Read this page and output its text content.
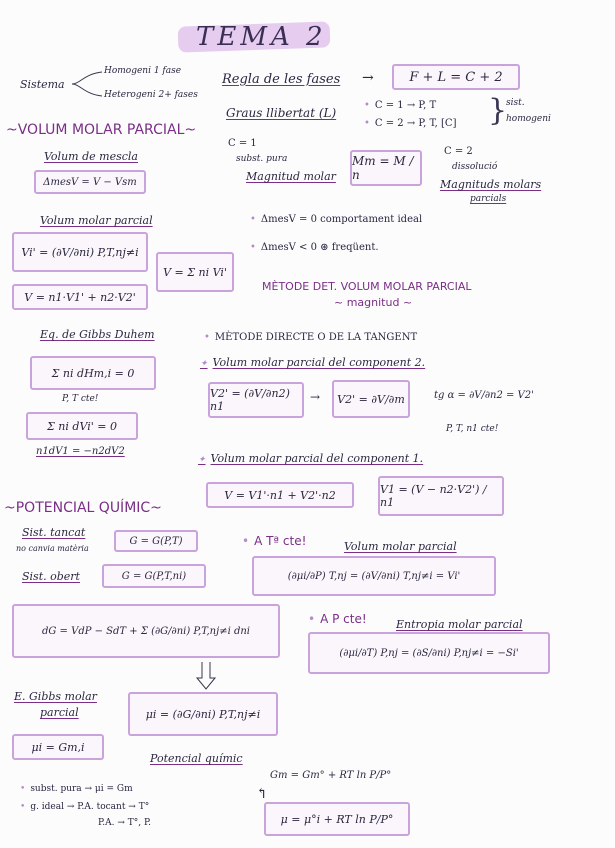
TEMA 2
Sistema
Homogeni 1 fase
Heterogeni 2+ fases
Regla de les fases →	F + L = C + 2
Graus llibertat (L)
• C = 1 → P, T
• C = 2 → P, T, [C] }
sist.
homogeni
C = 1
subst. pura
Magnitud molar
Mm = M / n
C = 2
dissolució
Magnituds molars
parcials
~VOLUM MOLAR PARCIAL~
Volum de mescla
ΔmesV = V − Vsm
Volum molar parcial
Vi' = (∂V/∂ni) P,T,nj≠i
V = Σ ni Vi'
V = n1·V1' + n2·V2'
• ΔmesV = 0 comportament ideal
• ΔmesV < 0 ⊛ freqüent.
MÈTODE DET. VOLUM MOLAR PARCIAL
~ magnitud ~
Eq. de Gibbs Duhem
Σ ni dHm,i = 0
P, T cte!
Σ ni dVi' = 0
n1dV1 = −n2dV2
• MÈTODE DIRECTE O DE LA TANGENT
✦ Volum molar parcial del component 2.
V2' = (∂V/∂n2) n1
→	V2' = ∂V/∂m	tg α = ∂V/∂n2 = V2'
P, T, n1 cte!
✦ Volum molar parcial del component 1.
V = V1'·n1 + V2'·n2	V1 = (V − n2·V2') / n1
~POTENCIAL QUÍMIC~
Sist. tancat
no canvia matèria
G = G(P,T)
Sist. obert	G = G(P,T,ni)
• A Tª cte!	Volum molar parcial
(∂μi/∂P) T,nj = (∂V/∂ni) T,nj≠i = Vi'
dG = VdP − SdT + Σ (∂G/∂ni) P,T,nj≠i dni
• A P cte!	Entropia molar parcial
(∂μi/∂T) P,nj = (∂S/∂ni) P,nj≠i = −Si'
E. Gibbs molar
parcial
μi = Gm,i
μi = (∂G/∂ni) P,T,nj≠i
Potencial químic
Gm = Gm° + RT ln P/P°
↰
μ = μ°i + RT ln P/P°
• subst. pura → μi = Gm
• g. ideal → P.A. tocant → T°
P.A. → T°, P.
